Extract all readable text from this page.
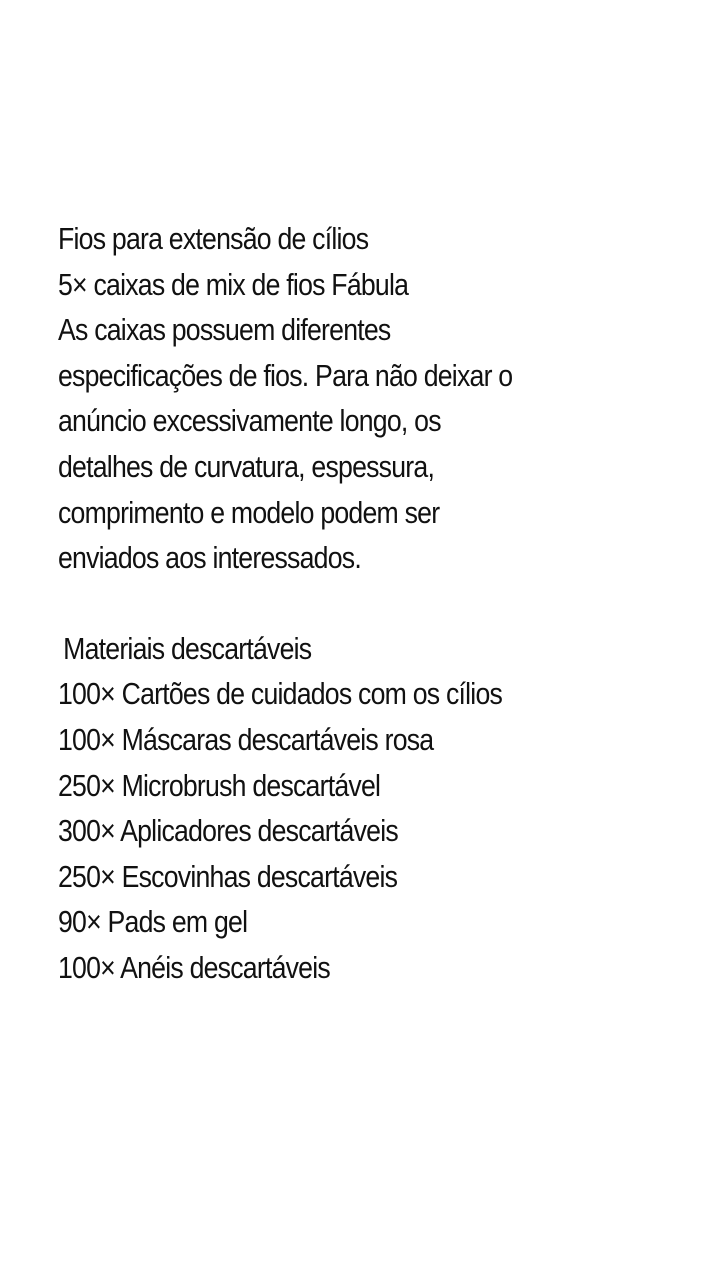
Fios para extensão de cílios
5× caixas de mix de fios Fábula
As caixas possuem diferentes
especificações de fios. Para não deixar o
anúncio excessivamente longo, os
detalhes de curvatura, espessura,
comprimento e modelo podem ser
enviados aos interessados.
Materiais descartáveis
100× Cartões de cuidados com os cílios
100× Máscaras descartáveis rosa
250× Microbrush descartável
300× Aplicadores descartáveis
250× Escovinhas descartáveis
90× Pads em gel
100× Anéis descartáveis
